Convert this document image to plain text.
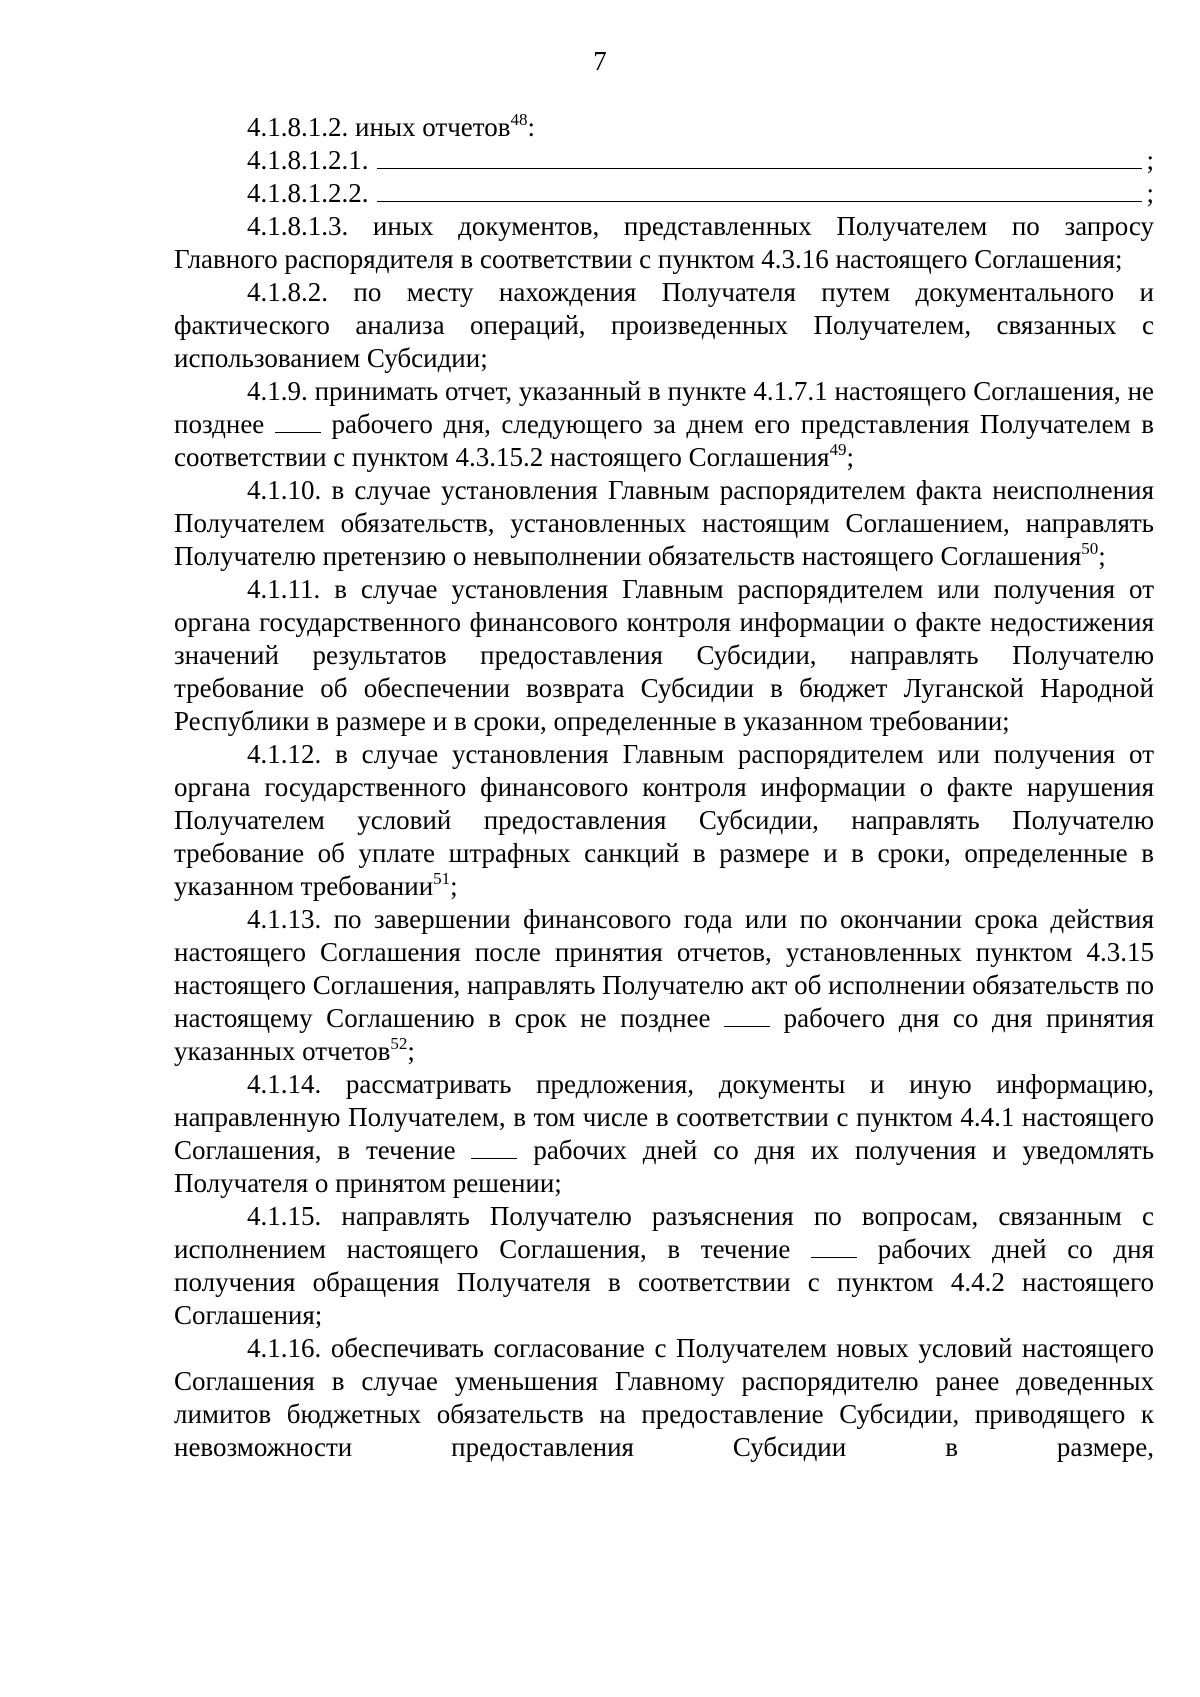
7

4.1.8.1.2. иных отчетов$^{48}$:

4.1.8.1.2.1.	;
4.1.8.1.2.2.	;

4.1.8.1.3. иных документов, представленных Получателем по запросу Главного распорядителя в соответствии с пунктом 4.3.16 настоящего Соглашения;

4.1.8.2. по месту нахождения Получателя путем документального и фактического анализа операций, произведенных Получателем, связанных с использованием Субсидии;

4.1.9. принимать отчет, указанный в пункте 4.1.7.1 настоящего Соглашения, не позднее рабочего дня, следующего за днем его представления Получателем в соответствии с пунктом 4.3.15.2 настоящего Соглашения$^{49}$;

4.1.10. в случае установления Главным распорядителем факта неисполнения Получателем обязательств, установленных настоящим Соглашением, направлять Получателю претензию о невыполнении обязательств настоящего Соглашения$^{50}$;

4.1.11. в случае установления Главным распорядителем или получения от органа государственного финансового контроля информации о факте недостижения значений результатов предоставления Субсидии, направлять Получателю требование об обеспечении возврата Субсидии в бюджет Луганской Народной Республики в размере и в сроки, определенные в указанном требовании;

4.1.12. в случае установления Главным распорядителем или получения от органа государственного финансового контроля информации о факте нарушения Получателем условий предоставления Субсидии, направлять Получателю требование об уплате штрафных санкций в размере и в сроки, определенные в указанном требовании$^{51}$;

4.1.13. по завершении финансового года или по окончании срока действия настоящего Соглашения после принятия отчетов, установленных пунктом 4.3.15 настоящего Соглашения, направлять Получателю акт об исполнении обязательств по настоящему Соглашению в срок не позднее	рабочего дня со дня принятия указанных отчетов$^{52}$;

4.1.14. рассматривать предложения, документы и иную информацию, направленную Получателем, в том числе в соответствии с пунктом 4.4.1 настоящего Соглашения, в течение	рабочих дней со дня их получения и уведомлять Получателя о принятом решении;

4.1.15. направлять Получателю разъяснения по вопросам, связанным с исполнением настоящего Соглашения, в течение	рабочих дней со дня получения обращения Получателя в соответствии с пунктом 4.4.2 настоящего Соглашения;

4.1.16. обеспечивать согласование с Получателем новых условий настоящего Соглашения в случае уменьшения Главному распорядителю ранее доведенных лимитов бюджетных обязательств на предоставление Субсидии, приводящего к невозможности предоставления Субсидии в размере,
